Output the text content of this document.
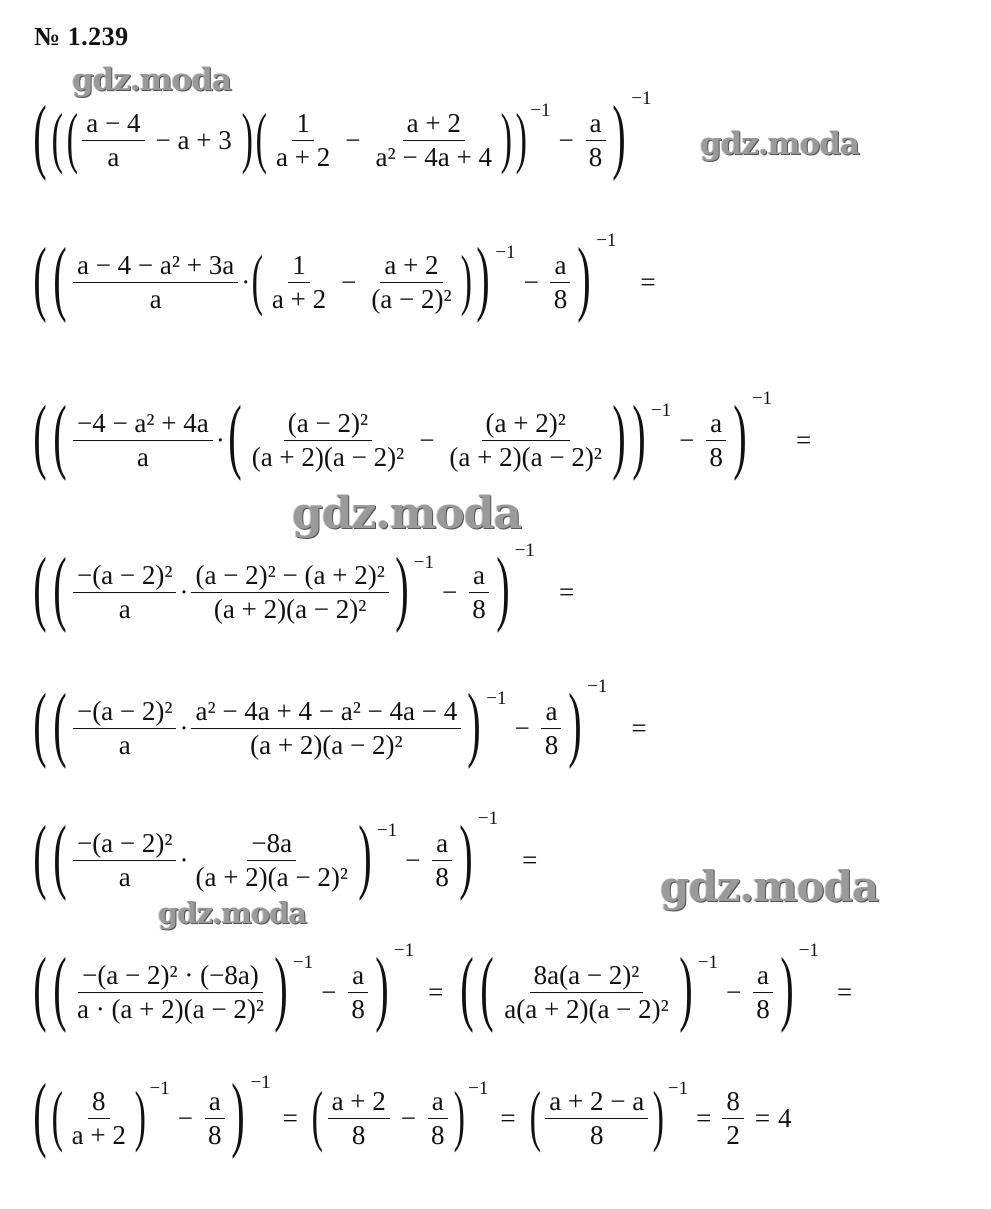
№ 1.239
( ( ( $\frac{a - 4}{a} - a + 3$ ) ( $\frac{1}{a + 2} - \frac{a + 2}{\text{a² − 4a + 4}}$ ) ) −1
− $\frac{a}{8}$ ) −1
( ( $\frac{\text{a − 4 − a² + 3a}}{a}$ · ( $\frac{1}{a + 2} - \frac{a + 2}{\text{(a − 2)²}}$ ) ) −1
− $\frac{a}{8}$ ) −1
=
( ( $\frac{\text{−4 − a² + 4a}}{a}$ · ( $\frac{\text{(a − 2)²}}{\text{(a + 2)(a − 2)²}} - \frac{\text{(a + 2)²}}{\text{(a + 2)(a − 2)²}}$ ) ) −1
− $\frac{a}{8}$ ) −1
=
( ( $\frac{\text{−(a − 2)²}}{a} \cdot \frac{\text{(a − 2)² − (a + 2)²}}{\text{(a + 2)(a − 2)²}}$ ) −1
− $\frac{a}{8}$ ) −1
=
( ( $\frac{\text{−(a − 2)²}}{a} \cdot \frac{\text{a² − 4a + 4 − a² − 4a − 4}}{\text{(a + 2)(a − 2)²}}$ ) −1
− $\frac{a}{8}$ ) −1
=
( ( $\frac{\text{−(a − 2)²}}{a} \cdot \frac{-8a}{\text{(a + 2)(a − 2)²}}$ ) −1
− $\frac{a}{8}$ ) −1
=
( ( $\frac{\text{−(a − 2)² · (−8a)}}{\text{a · (a + 2)(a − 2)²}}$ ) −1
− $\frac{a}{8}$ ) −1
= ( ( $\frac{\text{8a(a − 2)²}}{\text{a(a + 2)(a − 2)²}}$ ) −1
− $\frac{a}{8}$ ) −1
=
( ( $\frac{8}{a + 2}$ ) −1
− $\frac{a}{8}$ ) −1
= ( $\frac{a + 2}{8} - \frac{a}{8}$ ) −1
= ( $\frac{a + 2 - a}{8}$ ) −1
= $\frac{8}{2} = 4$
gdz.moda
gdz.moda
gdz.moda
gdz.moda
gdz.moda
